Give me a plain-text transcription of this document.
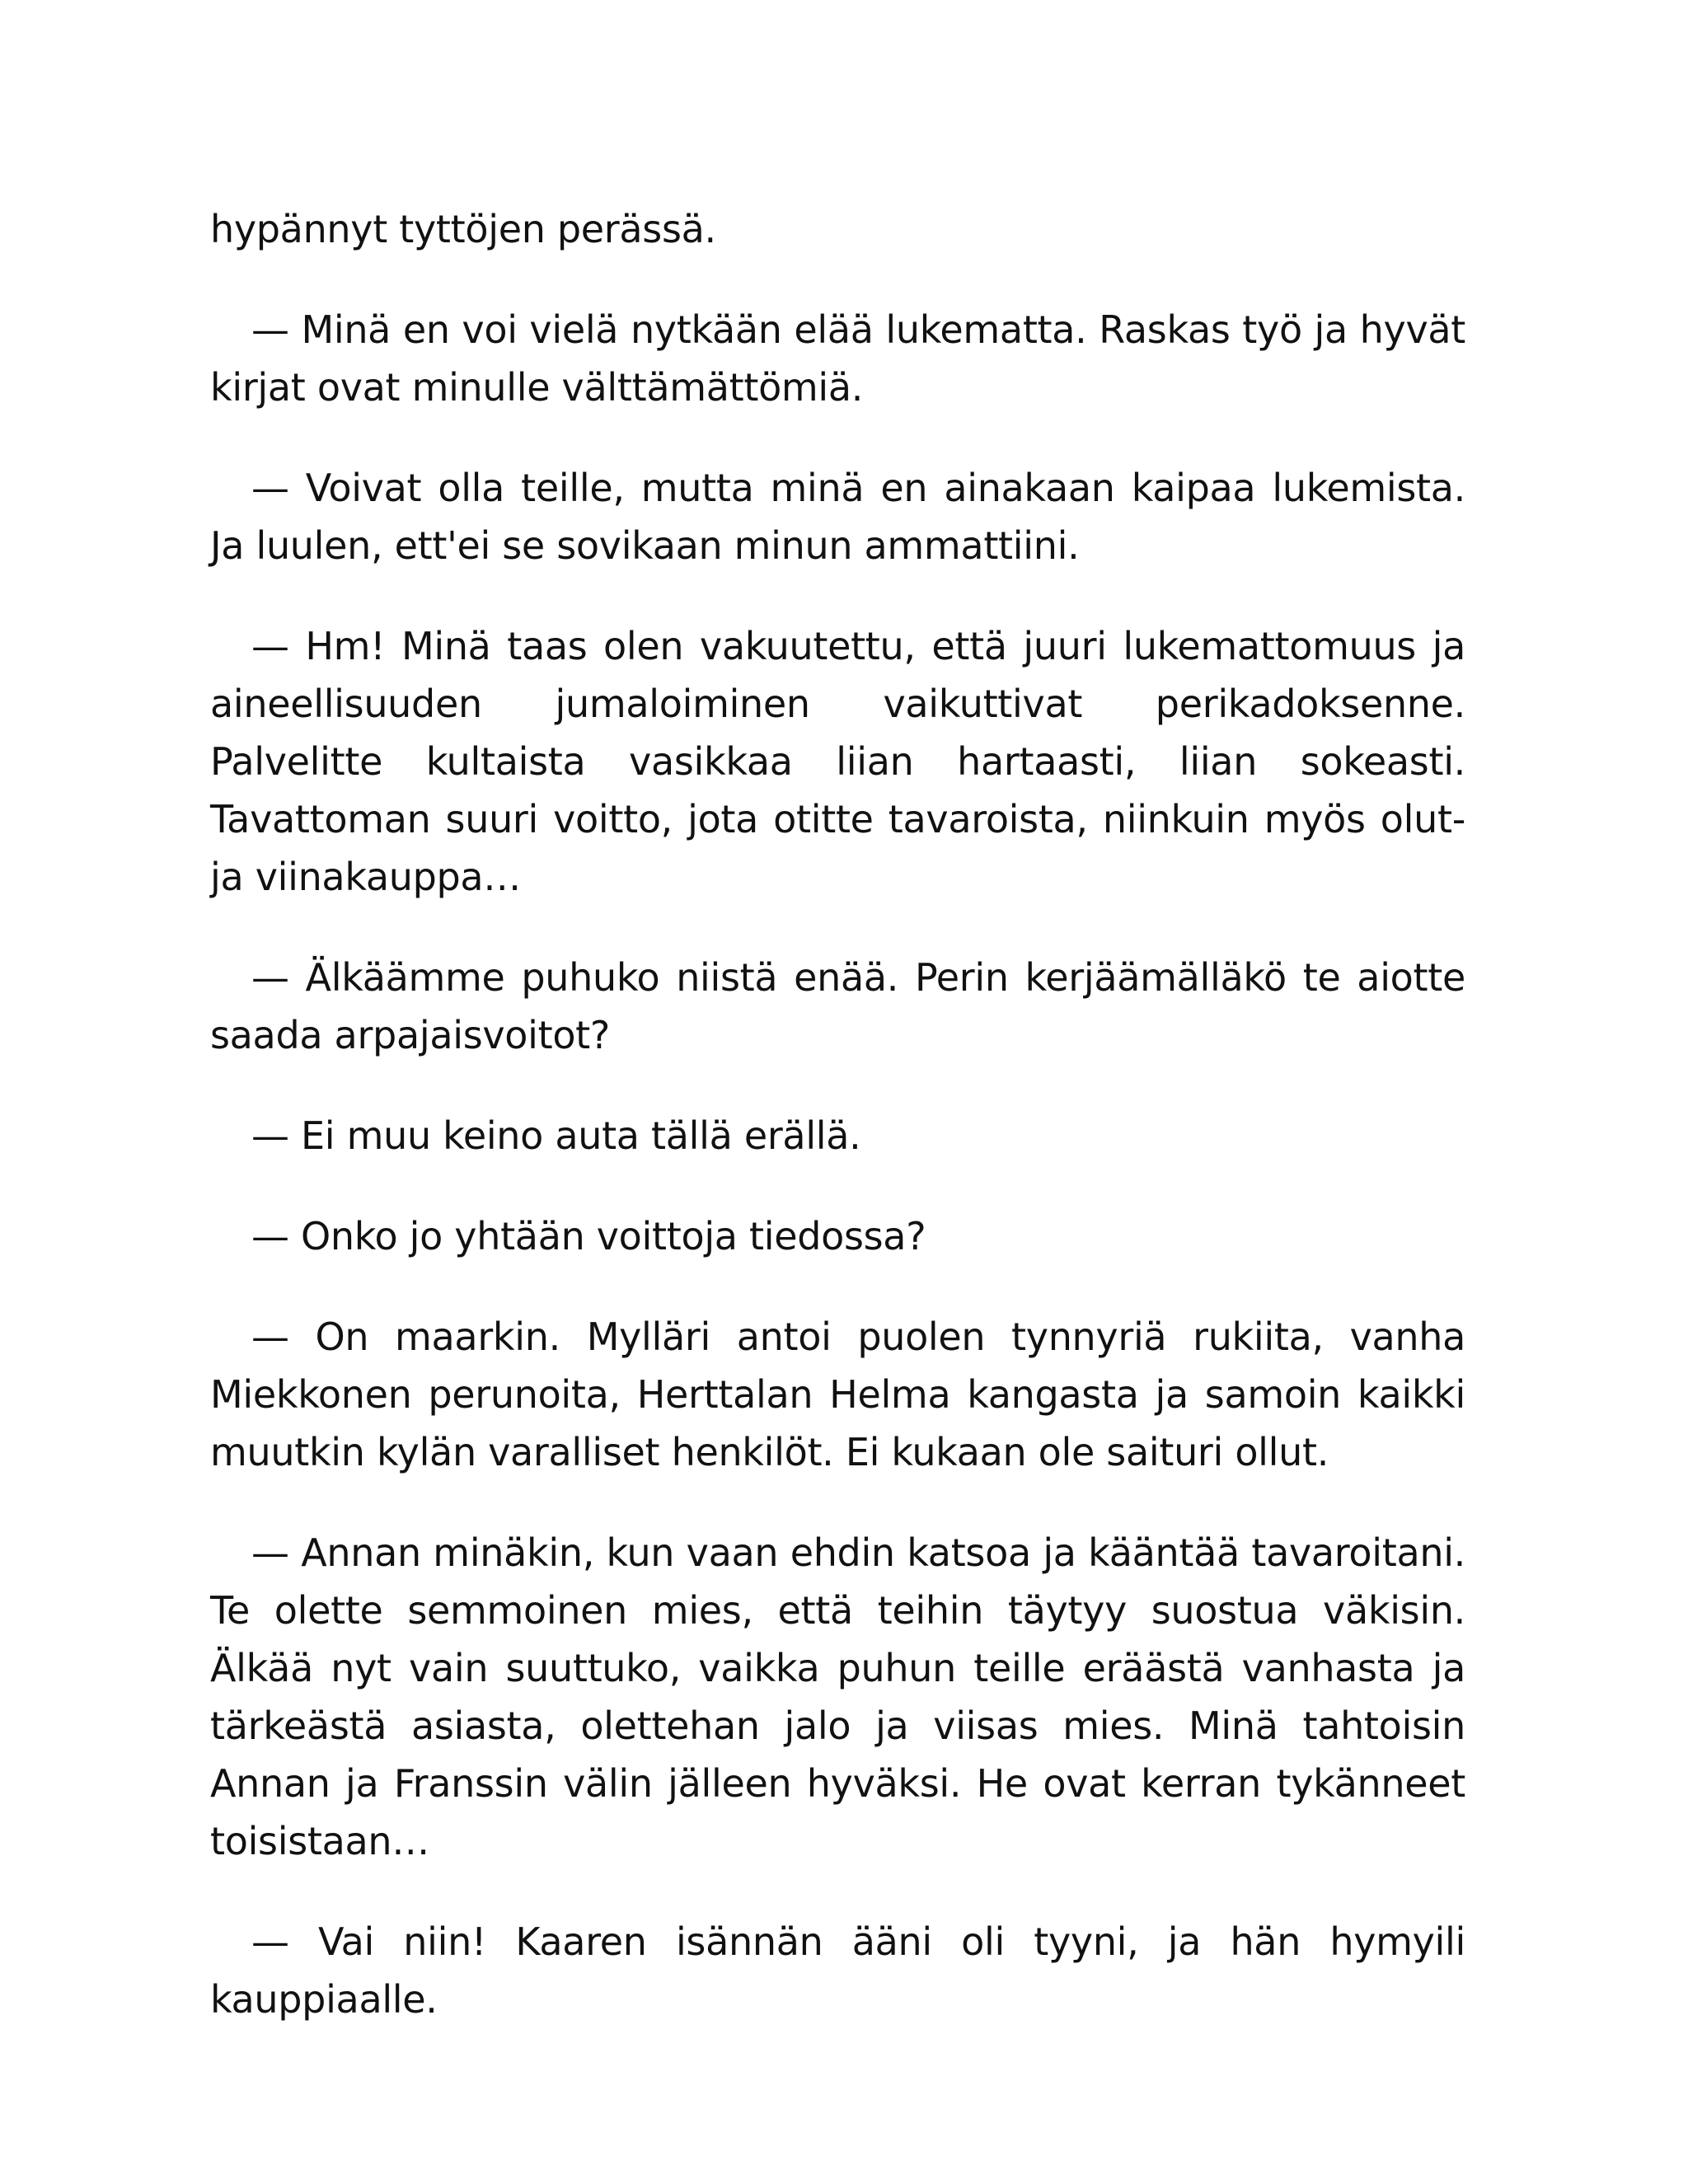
hypännyt tyttöjen perässä.

— Minä en voi vielä nytkään elää lukematta. Raskas työ ja hyvät kirjat ovat minulle välttämättömiä.

— Voivat olla teille, mutta minä en ainakaan kaipaa lukemista. Ja luulen, ett'ei se sovikaan minun ammattiini.

— Hm! Minä taas olen vakuutettu, että juuri lukemattomuus ja aineellisuuden jumaloiminen vaikuttivat perikadoksenne. Palvelitte kultaista vasikkaa liian hartaasti, liian sokeasti. Tavattoman suuri voitto, jota otitte tavaroista, niinkuin myös olut- ja viinakauppa…

— Älkäämme puhuko niistä enää. Perin kerjäämälläkö te aiotte saada arpajaisvoitot?

— Ei muu keino auta tällä erällä.

— Onko jo yhtään voittoja tiedossa?

— On maarkin. Mylläri antoi puolen tynnyriä rukiita, vanha Miekkonen perunoita, Herttalan Helma kangasta ja samoin kaikki muutkin kylän varalliset henkilöt. Ei kukaan ole saituri ollut.

— Annan minäkin, kun vaan ehdin katsoa ja kääntää tavaroitani. Te olette semmoinen mies, että teihin täytyy suostua väkisin. Älkää nyt vain suuttuko, vaikka puhun teille eräästä vanhasta ja tärkeästä asiasta, olettehan jalo ja viisas mies. Minä tahtoisin Annan ja Franssin välin jälleen hyväksi. He ovat kerran tykänneet toisistaan…

— Vai niin! Kaaren isännän ääni oli tyyni, ja hän hymyili kauppiaalle.
